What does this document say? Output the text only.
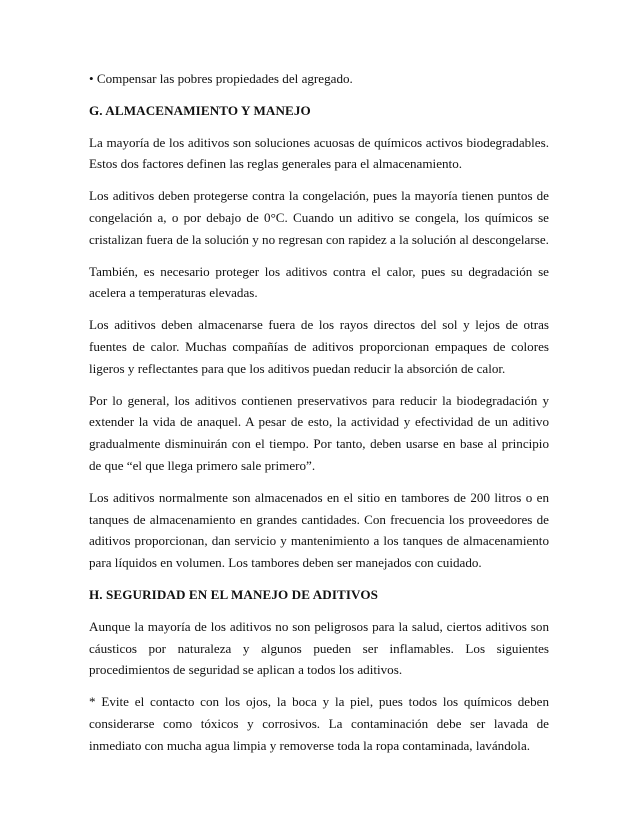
• Compensar las pobres propiedades del agregado.

G. ALMACENAMIENTO Y MANEJO

La mayoría de los aditivos son soluciones acuosas de químicos activos biodegradables. Estos dos factores definen las reglas generales para el almacenamiento.

Los aditivos deben protegerse contra la congelación, pues la mayoría tienen puntos de congelación a, o por debajo de 0°C. Cuando un aditivo se congela, los químicos se cristalizan fuera de la solución y no regresan con rapidez a la solución al descongelarse.

También, es necesario proteger los aditivos contra el calor, pues su degradación se acelera a temperaturas elevadas.

Los aditivos deben almacenarse fuera de los rayos directos del sol y lejos de otras fuentes de calor. Muchas compañías de aditivos proporcionan empaques de colores ligeros y reflectantes para que los aditivos puedan reducir la absorción de calor.

Por lo general, los aditivos contienen preservativos para reducir la biodegradación y extender la vida de anaquel. A pesar de esto, la actividad y efectividad de un aditivo gradualmente disminuirán con el tiempo. Por tanto, deben usarse en base al principio de que “el que llega primero sale primero”.

Los aditivos normalmente son almacenados en el sitio en tambores de 200 litros o en tanques de almacenamiento en grandes cantidades. Con frecuencia los proveedores de aditivos proporcionan, dan servicio y mantenimiento a los tanques de almacenamiento para líquidos en volumen. Los tambores deben ser manejados con cuidado.

H. SEGURIDAD EN EL MANEJO DE ADITIVOS

Aunque la mayoría de los aditivos no son peligrosos para la salud, ciertos aditivos son cáusticos por naturaleza y algunos pueden ser inflamables. Los siguientes procedimientos de seguridad se aplican a todos los aditivos.

* Evite el contacto con los ojos, la boca y la piel, pues todos los químicos deben considerarse como tóxicos y corrosivos. La contaminación debe ser lavada de inmediato con mucha agua limpia y removerse toda la ropa contaminada, lavándola.
